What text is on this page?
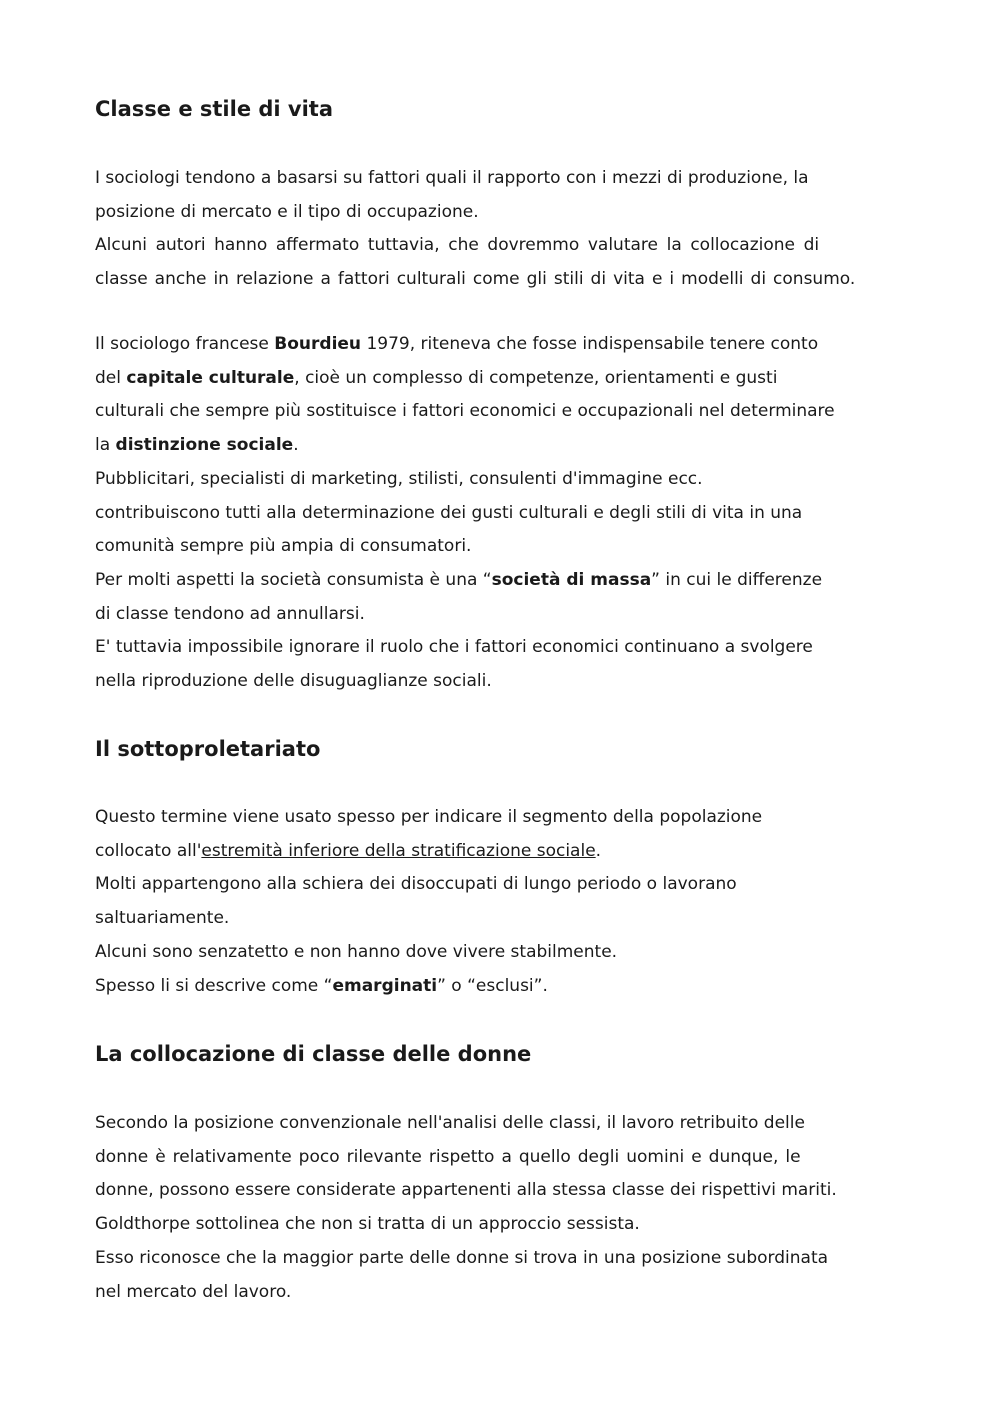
Classe e stile di vita

I sociologi tendono a basarsi su fattori quali il rapporto con i mezzi di produzione, la

posizione di mercato e il tipo di occupazione.

Alcuni autori hanno affermato tuttavia, che dovremmo valutare la collocazione di

classe anche in relazione a fattori culturali come gli stili di vita e i modelli di consumo.

Il sociologo francese Bourdieu 1979, riteneva che fosse indispensabile tenere conto

del capitale culturale, cioè un complesso di competenze, orientamenti e gusti

culturali che sempre più sostituisce i fattori economici e occupazionali nel determinare

la distinzione sociale.

Pubblicitari, specialisti di marketing, stilisti, consulenti d'immagine ecc.

contribuiscono tutti alla determinazione dei gusti culturali e degli stili di vita in una

comunità sempre più ampia di consumatori.

Per molti aspetti la società consumista è una “società di massa” in cui le differenze

di classe tendono ad annullarsi.

E' tuttavia impossibile ignorare il ruolo che i fattori economici continuano a svolgere

nella riproduzione delle disuguaglianze sociali.

Il sottoproletariato

Questo termine viene usato spesso per indicare il segmento della popolazione

collocato all'estremità inferiore della stratificazione sociale.

Molti appartengono alla schiera dei disoccupati di lungo periodo o lavorano

saltuariamente.

Alcuni sono senzatetto e non hanno dove vivere stabilmente.

Spesso li si descrive come “emarginati” o “esclusi”.

La collocazione di classe delle donne

Secondo la posizione convenzionale nell'analisi delle classi, il lavoro retribuito delle

donne è relativamente poco rilevante rispetto a quello degli uomini e dunque, le

donne, possono essere considerate appartenenti alla stessa classe dei rispettivi mariti.

Goldthorpe sottolinea che non si tratta di un approccio sessista.

Esso riconosce che la maggior parte delle donne si trova in una posizione subordinata

nel mercato del lavoro.
